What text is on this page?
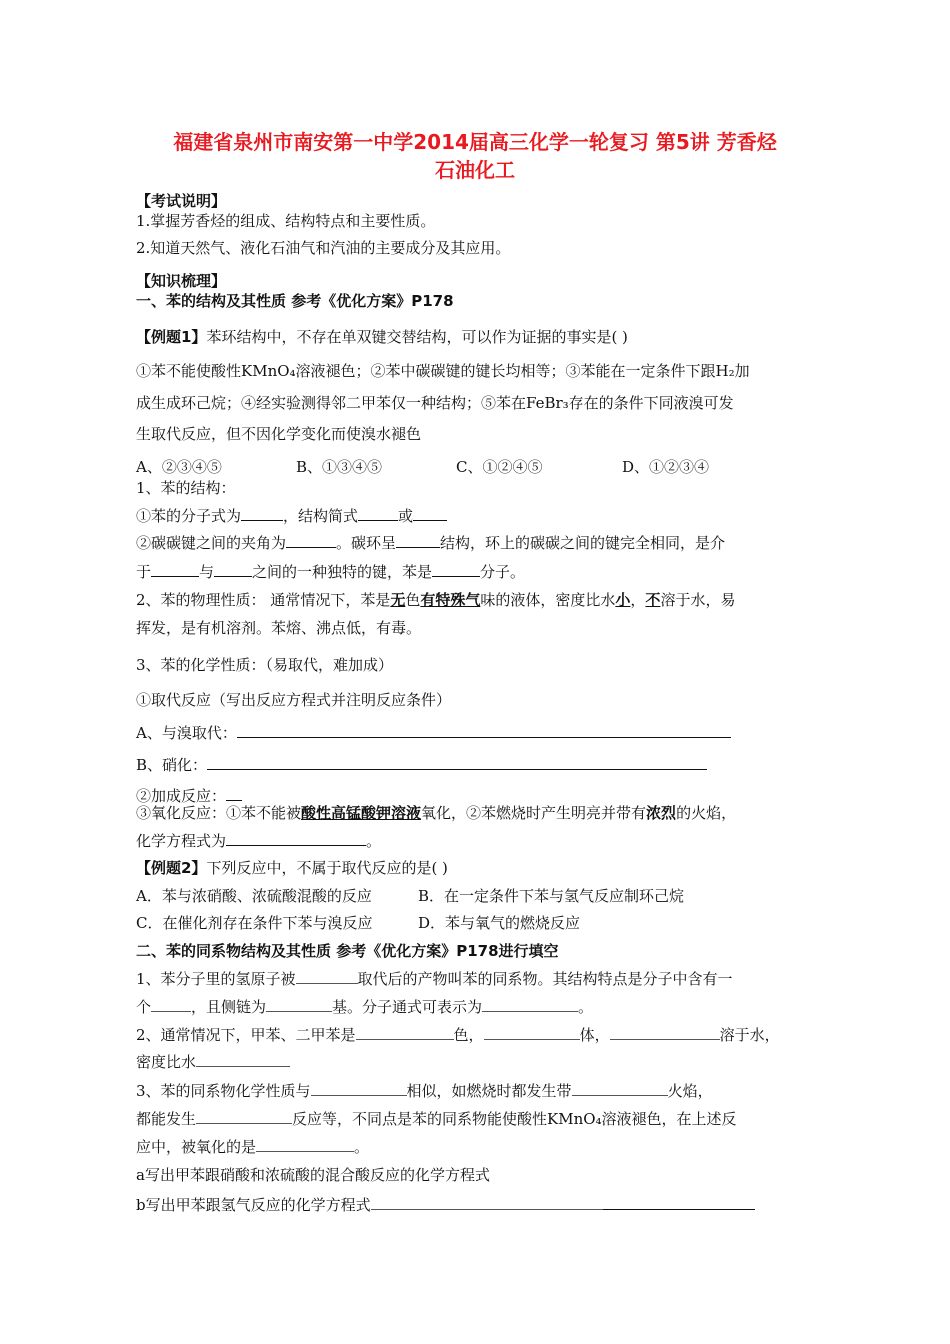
福建省泉州市南安第一中学2014届高三化学一轮复习 第5讲 芳香烃
石油化工
【考试说明】
1.掌握芳香烃的组成、结构特点和主要性质。
2.知道天然气、液化石油气和汽油的主要成分及其应用。
【知识梳理】
一、苯的结构及其性质 参考《优化方案》P178
【例题1】苯环结构中，不存在单双键交替结构，可以作为证据的事实是( )
①苯不能使酸性KMnO₄溶液褪色；②苯中碳碳键的键长均相等；③苯能在一定条件下跟H₂加
成生成环己烷；④经实验测得邻二甲苯仅一种结构；⑤苯在FeBr₃存在的条件下同液溴可发
生取代反应，但不因化学变化而使溴水褪色
A、②③④⑤	B、①③④⑤	C、①②④⑤	D、①②③④
1、苯的结构：
①苯的分子式为	，结构简式	或
②碳碳键之间的夹角为	。碳环呈	结构，环上的碳碳之间的键完全相同，是介
于	与	之间的一种独特的键，苯是	分子。
2、苯的物理性质： 通常情况下，苯是无色有特殊气味的液体，密度比水小，不溶于水，易
挥发，是有机溶剂。苯熔、沸点低，有毒。
3、苯的化学性质：（易取代，难加成）
①取代反应（写出反应方程式并注明反应条件）
A、与溴取代：
B、硝化：
②加成反应：
③氧化反应：①苯不能被酸性高锰酸钾溶液氧化，②苯燃烧时产生明亮并带有浓烈的火焰，
化学方程式为	。
【例题2】下列反应中，不属于取代反应的是( )
A．苯与浓硝酸、浓硫酸混酸的反应	B．在一定条件下苯与氢气反应制环己烷
C．在催化剂存在条件下苯与溴反应	D．苯与氧气的燃烧反应
二、苯的同系物结构及其性质 参考《优化方案》P178进行填空
1、苯分子里的氢原子被	取代后的产物叫苯的同系物。其结构特点是分子中含有一
个	，且侧链为	基。分子通式可表示为	。
2、通常情况下，甲苯、二甲苯是	色，	体，	溶于水，
密度比水
3、苯的同系物化学性质与	相似，如燃烧时都发生带	火焰，
都能发生	反应等，不同点是苯的同系物能使酸性KMnO₄溶液褪色，在上述反
应中，被氧化的是	。
a写出甲苯跟硝酸和浓硫酸的混合酸反应的化学方程式
b写出甲苯跟氢气反应的化学方程式
